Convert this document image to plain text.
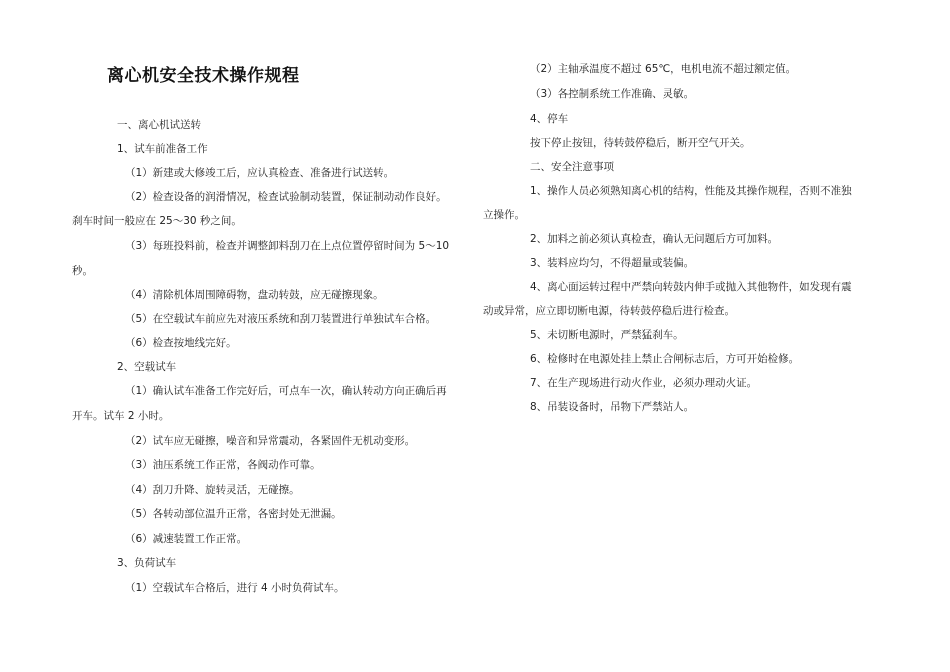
离心机安全技术操作规程
一、离心机试送转
1、试车前准备工作
（1）新建或大修竣工后，应认真检查、准备进行试送转。
（2）检查设备的润滑情况，检查试验制动装置，保证制动动作良好。
刹车时间一般应在 25～30 秒之间。
（3）每班投料前，检查并调整卸料刮刀在上点位置停留时间为 5～10
秒。
（4）清除机体周围障碍物，盘动转鼓，应无碰擦现象。
（5）在空载试车前应先对液压系统和刮刀装置进行单独试车合格。
（6）检查按地线完好。
2、空载试车
（1）确认试车准备工作完好后，可点车一次，确认转动方向正确后再
开车。试车 2 小时。
（2）试车应无碰擦，噪音和异常震动，各紧固件无机动变形。
（3）油压系统工作正常，各阀动作可靠。
（4）刮刀升降、旋转灵活，无碰擦。
（5）各转动部位温升正常，各密封处无泄漏。
（6）减速装置工作正常。
3、负荷试车
（1）空载试车合格后，进行 4 小时负荷试车。
（2）主轴承温度不超过 65℃，电机电流不超过额定值。
（3）各控制系统工作准确、灵敏。
4、停车
按下停止按钮，待转鼓停稳后，断开空气开关。
二、安全注意事项
1、操作人员必须熟知离心机的结构，性能及其操作规程，否则不准独
立操作。
2、加料之前必须认真检查，确认无问题后方可加料。
3、装料应均匀，不得超量或装偏。
4、离心面运转过程中严禁向转鼓内伸手或抛入其他物件，如发现有震
动或异常，应立即切断电源，待转鼓停稳后进行检查。
5、未切断电源时，严禁猛刹车。
6、检修时在电源处挂上禁止合闸标志后，方可开始检修。
7、在生产现场进行动火作业，必须办理动火证。
8、吊装设备时，吊物下严禁站人。
